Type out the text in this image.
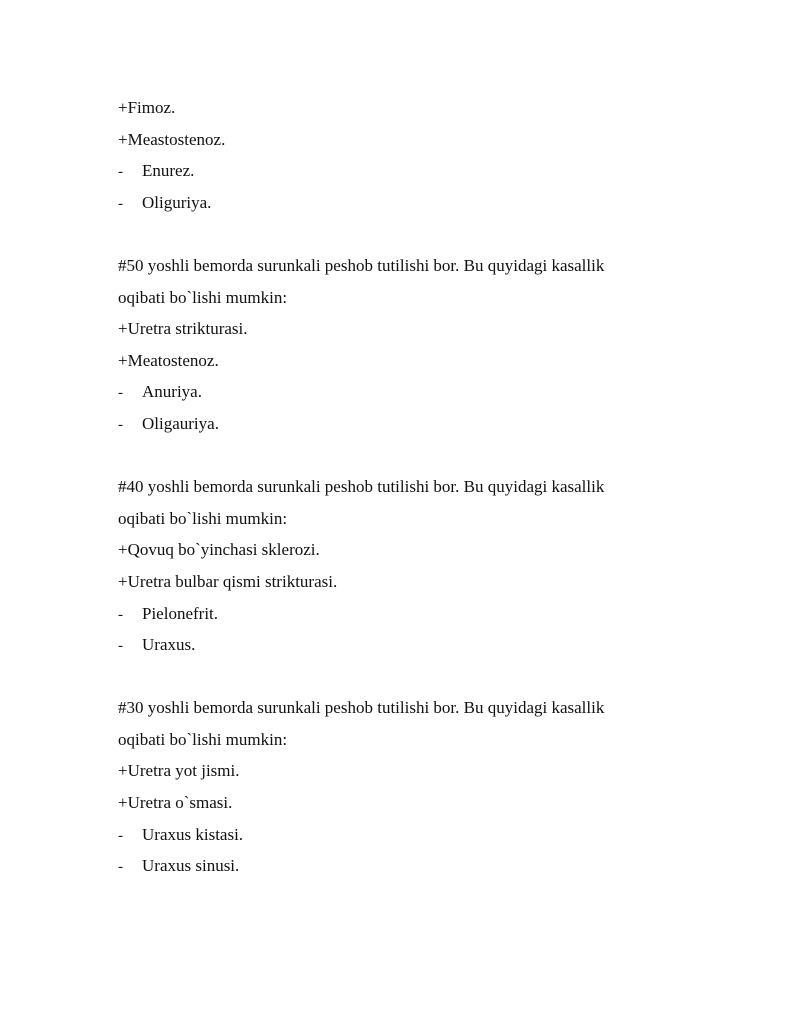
+Fimoz.
+Meastostenoz.
-	Enurez.
-	Oliguriya.
#50 yoshli bemorda surunkali peshob tutilishi bor. Bu quyidagi kasallik
oqibati bo`lishi mumkin:
+Uretra strikturasi.
+Meatostenoz.
-	Anuriya.
-	Oligauriya.
#40 yoshli bemorda surunkali peshob tutilishi bor. Bu quyidagi kasallik
oqibati bo`lishi mumkin:
+Qovuq bo`yinchasi sklerozi.
+Uretra bulbar qismi strikturasi.
-	Pielonefrit.
-	Uraxus.
#30 yoshli bemorda surunkali peshob tutilishi bor. Bu quyidagi kasallik
oqibati bo`lishi mumkin:
+Uretra yot jismi.
+Uretra o`smasi.
-	Uraxus kistasi.
-	Uraxus sinusi.
